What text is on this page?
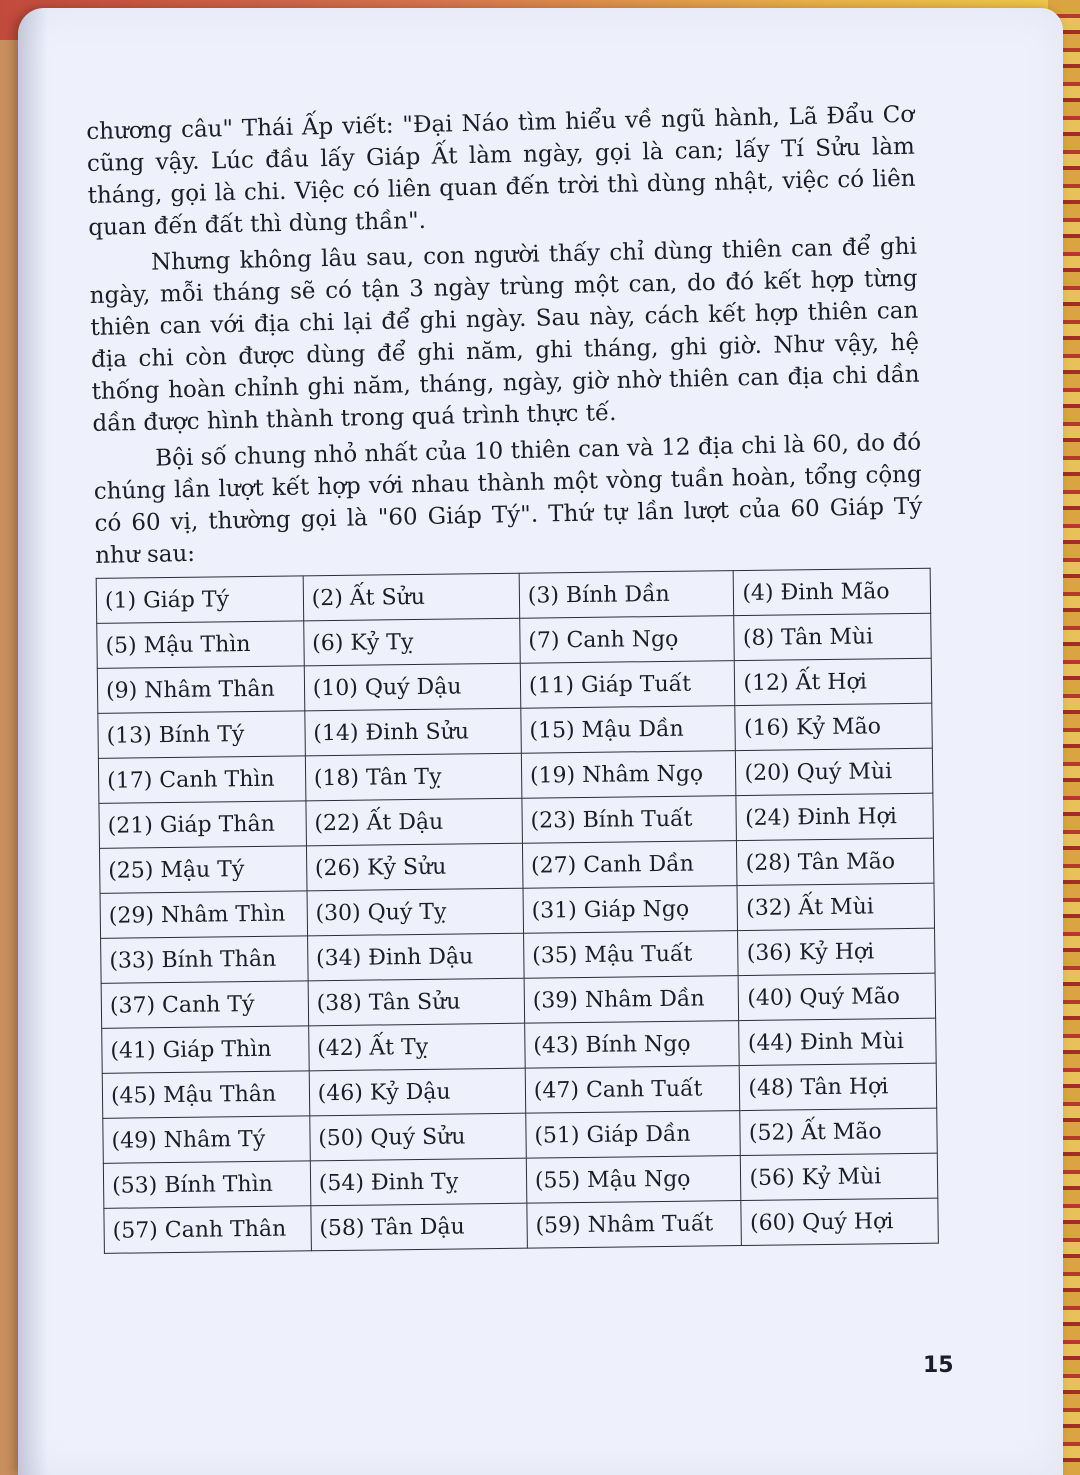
chương câu" Thái Ấp viết: "Đại Náo tìm hiểu về ngũ hành, Lã Đẩu Cơ cũng vậy. Lúc đầu lấy Giáp Ất làm ngày, gọi là can; lấy Tí Sửu làm tháng, gọi là chi. Việc có liên quan đến trời thì dùng nhật, việc có liên quan đến đất thì dùng thần".

Nhưng không lâu sau, con người thấy chỉ dùng thiên can để ghi ngày, mỗi tháng sẽ có tận 3 ngày trùng một can, do đó kết hợp từng thiên can với địa chi lại để ghi ngày. Sau này, cách kết hợp thiên can địa chi còn được dùng để ghi năm, ghi tháng, ghi giờ. Như vậy, hệ thống hoàn chỉnh ghi năm, tháng, ngày, giờ nhờ thiên can địa chi dần dần được hình thành trong quá trình thực tế.

Bội số chung nhỏ nhất của 10 thiên can và 12 địa chi là 60, do đó chúng lần lượt kết hợp với nhau thành một vòng tuần hoàn, tổng cộng có 60 vị, thường gọi là "60 Giáp Tý". Thứ tự lần lượt của 60 Giáp Tý như sau:

(1) Giáp Tý	(2) Ất Sửu	(3) Bính Dần	(4) Đinh Mão
(5) Mậu Thìn	(6) Kỷ Tỵ	(7) Canh Ngọ	(8) Tân Mùi
(9) Nhâm Thân	(10) Quý Dậu	(11) Giáp Tuất	(12) Ất Hợi
(13) Bính Tý	(14) Đinh Sửu	(15) Mậu Dần	(16) Kỷ Mão
(17) Canh Thìn	(18) Tân Tỵ	(19) Nhâm Ngọ	(20) Quý Mùi
(21) Giáp Thân	(22) Ất Dậu	(23) Bính Tuất	(24) Đinh Hợi
(25) Mậu Tý	(26) Kỷ Sửu	(27) Canh Dần	(28) Tân Mão
(29) Nhâm Thìn	(30) Quý Tỵ	(31) Giáp Ngọ	(32) Ất Mùi
(33) Bính Thân	(34) Đinh Dậu	(35) Mậu Tuất	(36) Kỷ Hợi
(37) Canh Tý	(38) Tân Sửu	(39) Nhâm Dần	(40) Quý Mão
(41) Giáp Thìn	(42) Ất Tỵ	(43) Bính Ngọ	(44) Đinh Mùi
(45) Mậu Thân	(46) Kỷ Dậu	(47) Canh Tuất	(48) Tân Hợi
(49) Nhâm Tý	(50) Quý Sửu	(51) Giáp Dần	(52) Ất Mão
(53) Bính Thìn	(54) Đinh Tỵ	(55) Mậu Ngọ	(56) Kỷ Mùi
(57) Canh Thân	(58) Tân Dậu	(59) Nhâm Tuất	(60) Quý Hợi
15
